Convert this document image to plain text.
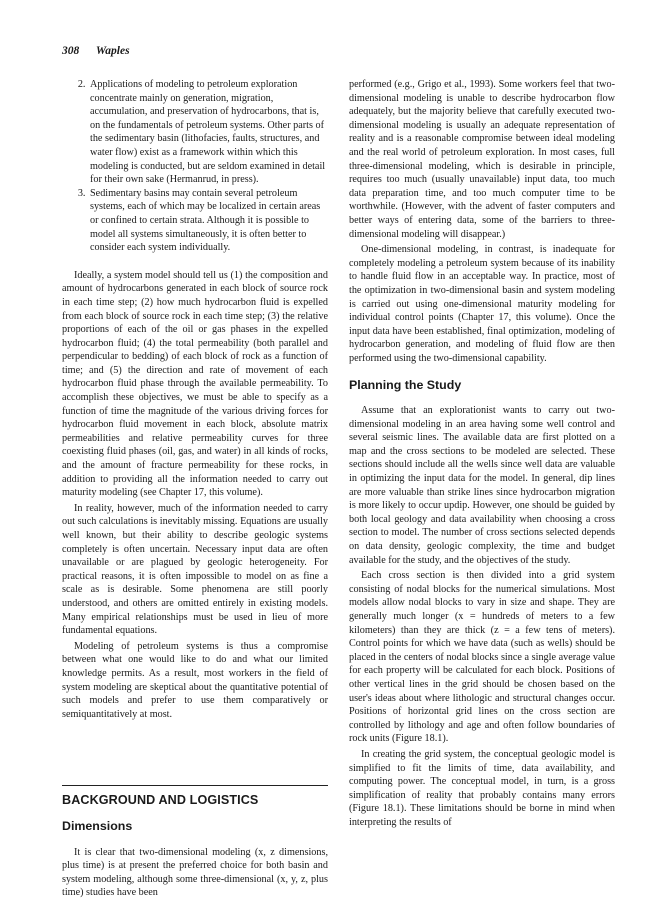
308 Waples
2. Applications of modeling to petroleum exploration concentrate mainly on generation, migration, accumulation, and preservation of hydrocarbons, that is, on the fundamentals of petroleum systems. Other parts of the sedimentary basin (lithofacies, faults, structures, and water flow) exist as a framework within which this modeling is conducted, but are seldom examined in detail for their own sake (Hermanrud, in press).
3. Sedimentary basins may contain several petroleum systems, each of which may be localized in certain areas or confined to certain strata. Although it is possible to model all systems simultaneously, it is often better to consider each system individually.

Ideally, a system model should tell us (1) the composition and amount of hydrocarbons generated in each block of source rock in each time step; (2) how much hydrocarbon fluid is expelled from each block of source rock in each time step; (3) the relative proportions of each of the oil or gas phases in the expelled hydrocarbon fluid; (4) the total permeability (both parallel and perpendicular to bedding) of each block of rock as a function of time; and (5) the direction and rate of movement of each hydrocarbon fluid phase through the available permeability. To accomplish these objectives, we must be able to specify as a function of time the magnitude of the various driving forces for hydrocarbon fluid movement in each block, absolute matrix permeabilities and relative permeability curves for three coexisting fluid phases (oil, gas, and water) in all kinds of rocks, and the amount of fracture permeability for these rocks, in addition to providing all the information needed to carry out maturity modeling (see Chapter 17, this volume).

In reality, however, much of the information needed to carry out such calculations is inevitably missing. Equations are usually well known, but their ability to describe geologic systems completely is often uncertain. Necessary input data are often unavailable or are plagued by geologic heterogeneity. For practical reasons, it is often impossible to model on as fine a scale as is desirable. Some phenomena are still poorly understood, and others are omitted entirely in existing models. Many empirical relationships must be used in lieu of more fundamental equations.

Modeling of petroleum systems is thus a compromise between what one would like to do and what our limited knowledge permits. As a result, most workers in the field of system modeling are skeptical about the quantitative potential of such models and prefer to use them comparatively or semiquantitatively at most.

BACKGROUND AND LOGISTICS
Dimensions

It is clear that two-dimensional modeling (x, z dimensions, plus time) is at present the preferred choice for both basin and system modeling, although some three-dimensional (x, y, z, plus time) studies have been

performed (e.g., Grigo et al., 1993). Some workers feel that two-dimensional modeling is unable to describe hydrocarbon flow adequately, but the majority believe that carefully executed two-dimensional modeling is usually an adequate representation of reality and is a reasonable compromise between ideal modeling and the real world of petroleum exploration. In most cases, full three-dimensional modeling, which is desirable in principle, requires too much (usually unavailable) input data, too much data preparation time, and too much computer time to be worthwhile. (However, with the advent of faster computers and better ways of entering data, some of the barriers to three-dimensional modeling will disappear.)

One-dimensional modeling, in contrast, is inadequate for completely modeling a petroleum system because of its inability to handle fluid flow in an acceptable way. In practice, most of the optimization in two-dimensional basin and system modeling is carried out using one-dimensional maturity modeling for individual control points (Chapter 17, this volume). Once the input data have been established, final optimization, modeling of hydrocarbon generation, and modeling of fluid flow are then performed using the two-dimensional capability.

Planning the Study

Assume that an explorationist wants to carry out two-dimensional modeling in an area having some well control and several seismic lines. The available data are first plotted on a map and the cross sections to be modeled are selected. These sections should include all the wells since well data are valuable in optimizing the input data for the model. In general, dip lines are more valuable than strike lines since hydrocarbon migration is more likely to occur updip. However, one should be guided by both local geology and data availability when choosing a cross section to model. The number of cross sections selected depends on data density, geologic complexity, the time and budget available for the study, and the objectives of the study.

Each cross section is then divided into a grid system consisting of nodal blocks for the numerical simulations. Most models allow nodal blocks to vary in size and shape. They are generally much longer (x = hundreds of meters to a few kilometers) than they are thick (z = a few tens of meters). Control points for which we have data (such as wells) should be placed in the centers of nodal blocks since a single average value for each property will be calculated for each block. Positions of other vertical lines in the grid should be chosen based on the user's ideas about where lithologic and structural changes occur. Positions of horizontal grid lines on the cross section are controlled by lithology and age and often follow boundaries of rock units (Figure 18.1).

In creating the grid system, the conceptual geologic model is simplified to fit the limits of time, data availability, and computing power. The conceptual model, in turn, is a gross simplification of reality that probably contains many errors (Figure 18.1). These limitations should be borne in mind when interpreting the results of
